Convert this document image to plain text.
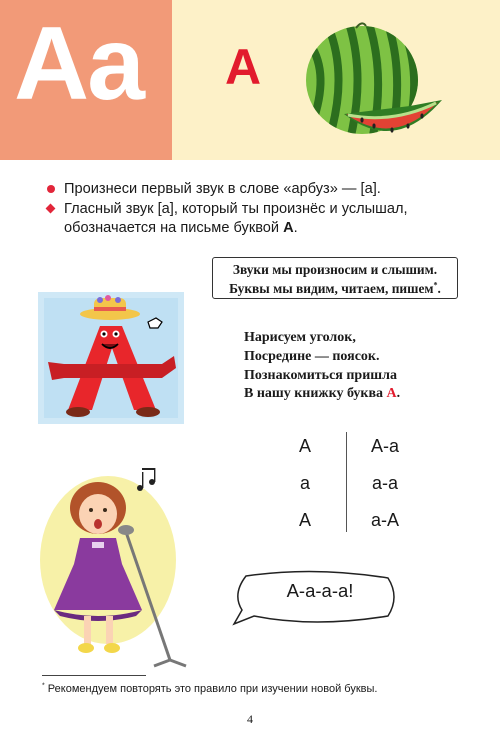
Aa А
Произнеси первый звук в слове «арбуз» — [а].
Гласный звук [а], который ты произнёс и услышал, обозначается на письме буквой А.
Звуки мы произносим и слышим.
Буквы мы видим, читаем, пишем*.
Нарисуем уголок,
Посредине — поясок.
Познакомиться пришла
В нашу книжку буква А.
А	А-а
а	а-а
А	а-А
А-а-а-а!
* Рекомендуем повторять это правило при изучении новой буквы.
4
